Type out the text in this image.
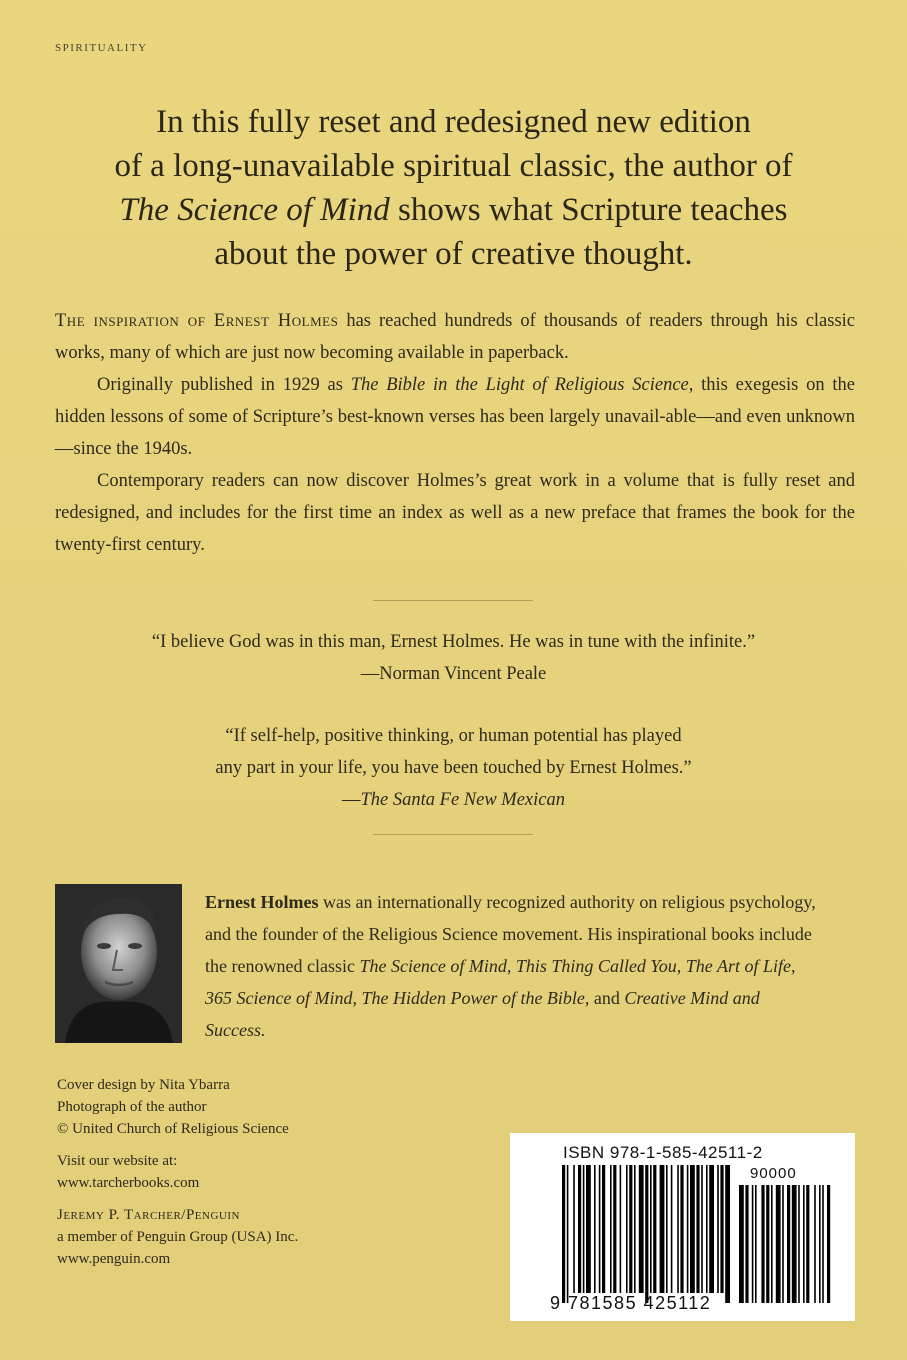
SPIRITUALITY
In this fully reset and redesigned new edition
of a long-unavailable spiritual classic, the author of
The Science of Mind shows what Scripture teaches
about the power of creative thought.

The inspiration of Ernest Holmes has reached hundreds of thousands of readers through his classic works, many of which are just now becoming available in paperback.

Originally published in 1929 as The Bible in the Light of Religious Science, this exegesis on the hidden lessons of some of Scripture’s best-known verses has been largely unavail-able—and even unknown—since the 1940s.

Contemporary readers can now discover Holmes’s great work in a volume that is fully reset and redesigned, and includes for the first time an index as well as a new preface that frames the book for the twenty-first century.

“I believe God was in this man, Ernest Holmes. He was in tune with the infinite.”

—Norman Vincent Peale

“If self-help, positive thinking, or human potential has played

any part in your life, you have been touched by Ernest Holmes.”

—The Santa Fe New Mexican

Ernest Holmes was an internationally recognized authority on religious psychology, and the founder of the Religious Science movement. His inspirational books include the renowned classic The Science of Mind, This Thing Called You, The Art of Life, 365 Science of Mind, The Hidden Power of the Bible, and Creative Mind and Success.

Cover design by Nita Ybarra

Photograph of the author

© United Church of Religious Science

Visit our website at:

www.tarcherbooks.com

Jeremy P. Tarcher/Penguin

a member of Penguin Group (USA) Inc.

www.penguin.com

ISBN 978-1-585-42511-2
90000
9 781585 425112
